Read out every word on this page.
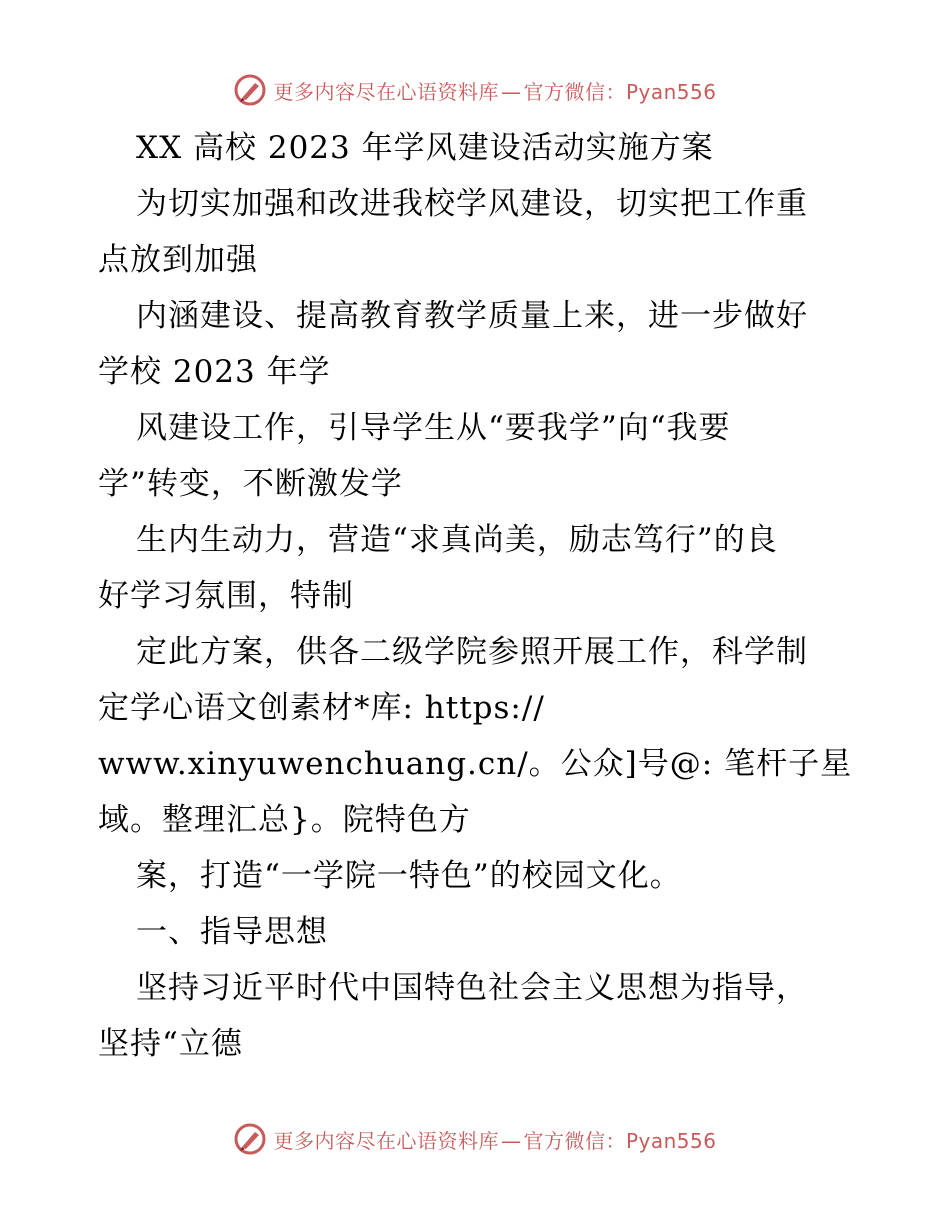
更多内容尽在心语资料库 — 官方微信：Pyan556

XX 高校 2023 年学风建设活动实施方案

为切实加强和改进我校学风建设，切实把工作重

点放到加强

内涵建设、提高教育教学质量上来，进一步做好

学校 2023 年学

风建设工作，引导学生从“要我学”向“我要

学”转变，不断激发学

生内生动力，营造“求真尚美，励志笃行”的良

好学习氛围，特制

定此方案，供各二级学院参照开展工作，科学制

定学心语文创素材*库: https://

www.xinyuwenchuang.cn/。公众]号@: 笔杆子星

域。整理汇总}。院特色方

案，打造“一学院一特色”的校园文化。

一、指导思想

坚持习近平时代中国特色社会主义思想为指导，

坚持“立德

更多内容尽在心语资料库 — 官方微信：Pyan556
